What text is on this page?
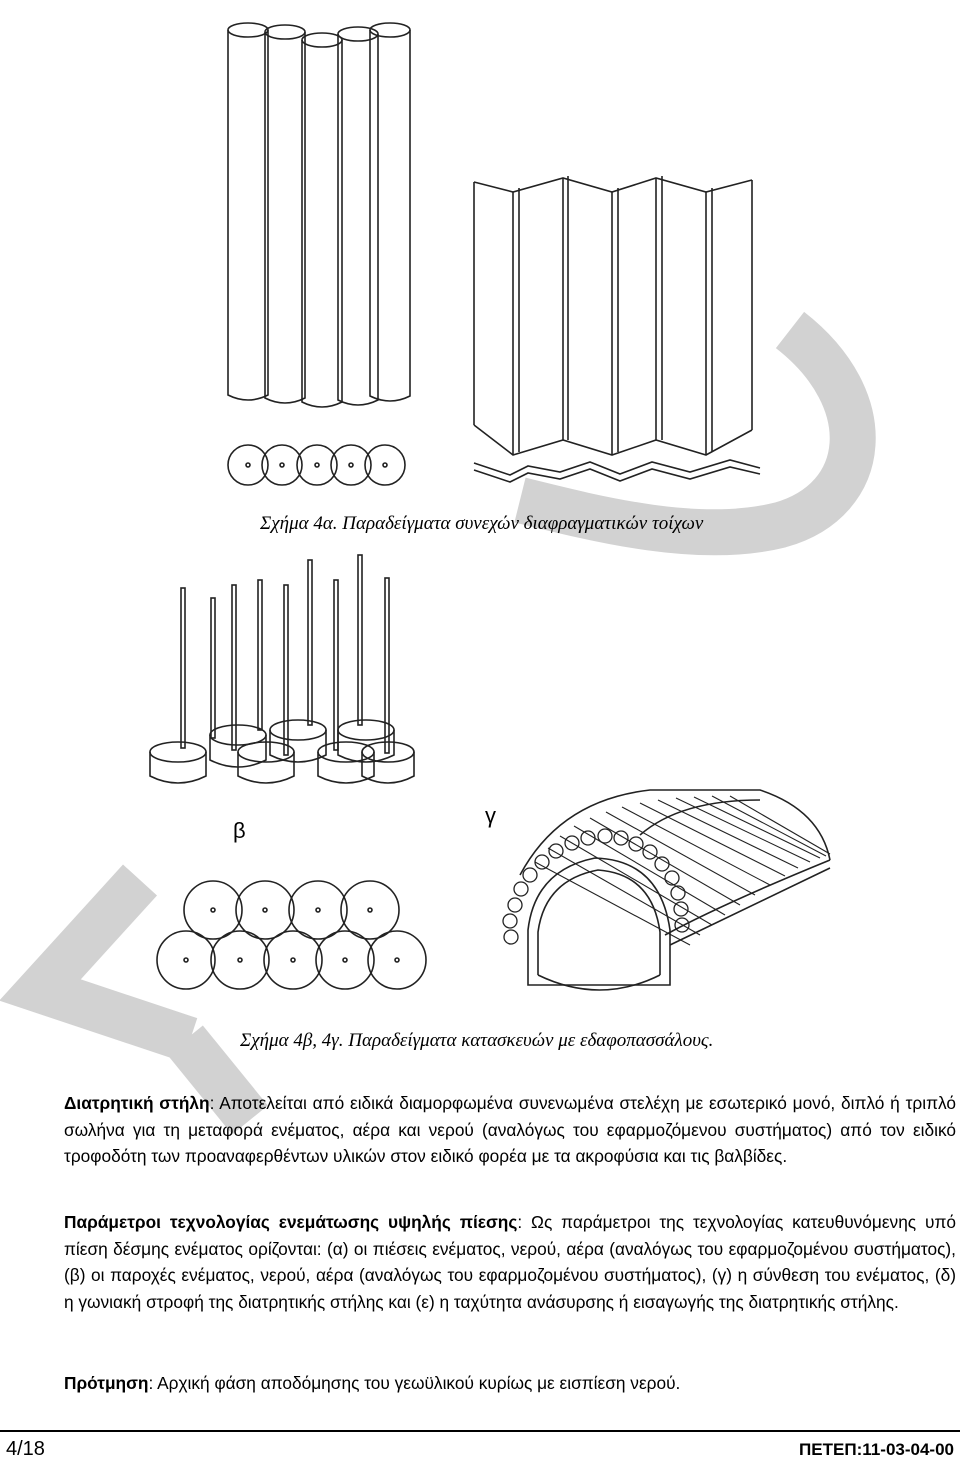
Σχήμα 4α. Παραδείγματα συνεχών διαφραγματικών τοίχων
β
γ
Σχήμα 4β, 4γ. Παραδείγματα κατασκευών με εδαφοπασσάλους.

Διατρητική στήλη: Αποτελείται από ειδικά διαμορφωμένα συνενωμένα στελέχη με εσωτερικό μονό, διπλό ή τριπλό σωλήνα για τη μεταφορά ενέματος, αέρα και νερού (αναλόγως του εφαρμοζόμενου συστήματος) από τον ειδικό τροφοδότη των προαναφερθέντων υλικών στον ειδικό φορέα με τα ακροφύσια και τις βαλβίδες.

Παράμετροι τεχνολογίας ενεμάτωσης υψηλής πίεσης: Ως παράμετροι της τεχνολογίας κατευθυνόμενης υπό πίεση δέσμης ενέματος ορίζονται: (α) οι πιέσεις ενέματος, νερού, αέρα (αναλόγως του εφαρμοζομένου συστήματος), (β) οι παροχές ενέματος, νερού, αέρα (αναλόγως του εφαρμοζομένου συστήματος), (γ) η σύνθεση του ενέματος, (δ) η γωνιακή στροφή της διατρητικής στήλης και (ε) η ταχύτητα ανάσυρσης ή εισαγωγής της διατρητικής στήλης.

Πρότμηση: Αρχική φάση αποδόμησης του γεωϋλικού κυρίως με εισπίεση νερού.

4/18	ΠΕΤΕΠ:11-03-04-00
